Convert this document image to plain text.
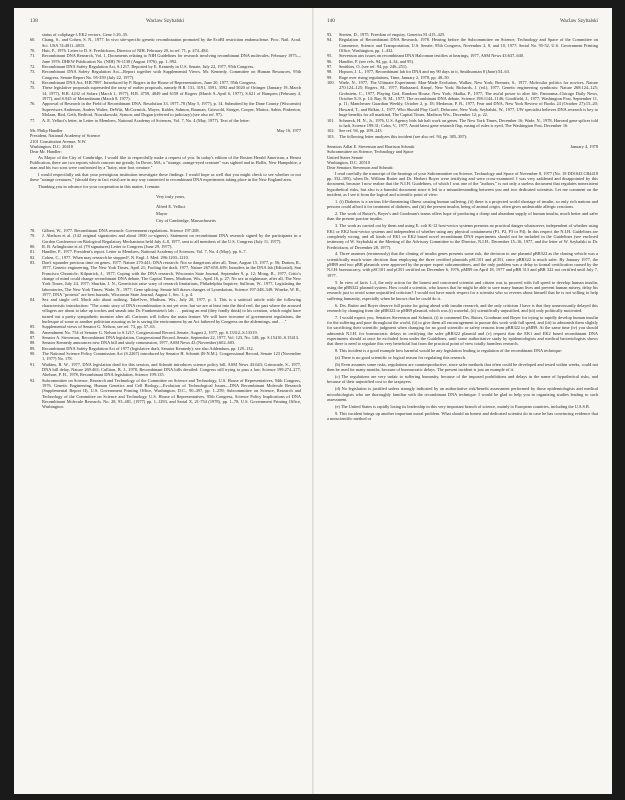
138	Waclaw Szybalski
status of coliphage λ EK2 vectors. Gene 1:29–35.
60.	Chang, S., and Cohen, S. N., 1977. In vivo site-specific genetic recombination promoted by the EcoRI restriction endonuclease. Proc. Natl. Acad. Sci. USA 74:4811–4815.
70.	Hutt, P., 1976. Letter to D. S. Fredrickson, Director of NIH, February 20, in ref. 71, p. 474–484.
71.	Recombinant DNA Research, Vol. 1, Documents relating to NIH Guidelines for research involving recombinant DNA molecules, February 1975—June 1976. DHEW Publication No. (NIH) 76-1138 (August 1976), pp. 1–992.
72.	Recombinant DNA Safety Regulation Act, S.1217. Reported by E. Kennedy in U.S. Senate, July 22, 1977, 95th Congress.
73.	Recombinant DNA Safety Regulation Act—Report together with Supplemental Views. Mr. Kennedy, Committee on Human Resources, 95th Congress, Senate Report No. 95-359 (July 22, 1977).
74.	Recombinant DNA Act, H.R.7897. Introduced by P. Rogers in the House of Representatives, June 20, 1977, 95th Congress.
75.	These legislative proposals superseded the array of earlier proposals, namely H.R. 131, 3191, 3591, 3592 and 5020 of Ortinger (January 19–March 14, 1977), H.R. 4232 of Solarz (March 1, 1977), H.R. 4759, 4849 and 6158 of Rogers (March 9–April 6, 1977), S.621 of Bumpers (February 4, 1977), and S.945 of Metzenbaum (March 8, 1977).
76.	Approval of Research in the Field of Recombinant DNA. Resolution 33, 1977–78 (May 5, 1977), p. 14. Submitted by the Dane County (Wisconsin) Supervisors Anderson, Anders Walter, DeWitt, McCormick, Moyer, Kahler, Salmon, Bauman, Griswold, Storger, Cooper, Mattox, Sabin, Pinkerton, Molzan, Bird, Geth, Redford, Nowakowski, Symon, and Dugan (referred to judiciary) (see also ref. 97).
77.	A. E. Velluci's letter, in Letter to Members, National Academy of Sciences, Vol. 7, No. 4 (May, 1977). Text of the letter:
Mr. Philip Handler	May 16, 1977

President, National Academy of Science

2101 Constitution Avenue, N.W.

Washington, D.C. 20418

Dear Mr. Handler:

As Mayor of the City of Cambridge, I would like to respectfully make a request of you. In today's edition of the Boston Herald American, a Hearst Publication, there are two reports which concern me greatly. In Dover, MA, a "strange, orange-eyed creature" was sighted and in Hollis, New Hampshire, a man and his two sons were confronted by a "hairy, nine foot creature."

I would respectfully ask that your prestigious institution investigate these findings. I would hope as well that you might check to see whether or not these "strange creatures," (should they in fact exist) are in any way connected to recombinant DNA experiments taking place in the New England area.

Thanking you in advance for your cooperation in this matter, I remain

Very truly yours,

Alfred E. Velluci

Mayor

City of Cambridge, Massachusetts

78.	Gilbert, W., 1977. Recombinant DNA research: Government regulations. Science 197:208.
79.	J. Abelson et al. (142 original signatories and about 1000 co-signers). Statement on recombinant DNA research signed by the participants in a Gordon Conference on Biological Regulatory Mechanisms held July 4–8, 1977, sent to all members of the U.S. Congress (July 11, 1977).
80.	R. B. Arlinghouse et al. (79 signatures) Letter to Congress (June 29, 1977).
81.	Handler, P., 1977. President's report. Letter to Members, National Academy of Sciences, Vol. 7, No. 4 (May), pp. 6–7.
82.	Cohen, C., 1977. When may research be stopped?, N. Engl. J. Med. 296:1203–1210.
83.	Don't squander precious time on genes, 1977. Nature 270:441; DNA research: Not so dangerous after all, Time, August 15, 1977, p. 56; Dutton, R., 1977, Genetic engineering, The New York Times, April 21; Fooling the draft, 1977, Nature 267:658–659; Intruders in the DNA lab (Editorial), San Francisco Chronicle; Kilpatrick, J., 1977, Coping with the DNA research, Wisconsin State Journal, September 9, p. 12; Mong, R., 1977, Critic's change of mind could change recombinant DNA debate, The Capital Times, Madison, Wis., April 16, p. 27; No sex in nightmare, after all, The New York Times, July 24, 1977; Shurkin, J. N., Geneticists raise wary of research limitations, Philadelphia Inquirer; Sullivan, W., 1977, Legislating the laboratories, The New York Times; Wade, N., 1977, Gene splicing: Senate bill draws changes of Lysenkoism, Science 197:348–349; Wineke, W. R., 1977, DNA "protests" are best hazards, Wisconsin State Journal, August 1, Sec. 1, p. 4.
84.	Sex and single cell. Much ado about nothing, TakeOver, Madison, Wis., July 20, 1977, p. 3. This is a satirical article with the following characteristic introduction: "The comic story of DNA recombination is not yet over, but we are at least into the third reel, the part where the aroused villagers are about to take up torches and smash into Dr. Frankenstein's lab . . . putting an end (they fondly think) to his creation, which might have turned out a pretty sympathetic monster after all. Cartoons will follow the main feature. We will have twosome of government regulations, the burlesque of some or another politician assuring us he is saving the environment by an Act fathered by Congress on the aldermings, and . . ."
85.	Supplemental views of Senator G. Nelson, see ref. 73, pp. 57–63.
86.	Amendment No. 754 of Senator G. Nelson to S.1217. Congressional Record–Senate, August 2, 1977, pp. S.13312–S.13319.
87.	Senator A. Stevenson, Recombinant DNA legislation, Congressional Record–Senate, September 22, 1977, Vol. 123, No. 148, pp. S.15410–S.15413.
88.	Senator Kennedy announces new DNA bill and study commission, 1977, ASM News 43 (November):602–603.
89.	Recombinant DNA Safety Regulation Act of 1977 (legislative draft, Senator Kennedy); see also Addendum, pp. 129–132.
90.	The National Science Policy Commission Act (S.2267) introduced by Senator H. Schmitt (R-N.M.). Congressional Record, Senate 123 (November 1, 1977) No. 178.
91.	Watkins, R. W., 1977, DNA legislation dead for this session, and Schmitt introduces science policy bill, ASM News 43:643; Grimwade, S., 1977, DNA bill delay, Nature 269:463; Culliton, B. J., 1978, Recombinant DNA bills derailed: Congress still trying to pass a law, Science 199:274–277; Abelson, P. H., 1978, Recombinant DNA legislation, Science 199:135.
92.	Subcommittee on Science, Research and Technology of the Committee on Science and Technology, U.S. House of Representatives, 94th Congress, 1976. Genetic Engineering, Human Genetics and Cell Biology—Evolution of Technological Issues—DNA Recombinant Molecule Research (Supplemental Report II), U.S. Government Printing Office, Washington, D.C., 90–497, pp. 1–259; Subcommittee on Science, Research and Technology of the Committee on Science and Technology, U.S. House of Representatives, 95th Congress, Science Policy Implications of DNA Recombinant Molecule Research, No. 28, 93–481, (1977) pp. 1–1293, and Serial X, 21-754 (1978), pp. 1–78, U.S. Government Printing Office, Washington.
140	Waclaw Szybalski
93.	Sterten, D., 1975. Freedom of enquiry. Genetics 81:415–425.
94.	Regulation of Recombinant DNA Research, 1978. Hearing before the Subcommittee on Science, Technology and Space of the Committee on Commerce, Science and Transportation, U.S. Senate, 95th Congress, November 2, 8, and 10, 1977; Serial No. 95-52, U.S. Government Printing Office, Washington, pp. 1–432.
95.	Stevenson airs issues on recombinant DNA Halcomon testifies at hearings, 1977, ASM News 43:637–640.
96.	Handler, P. (see refs. 94, pp. 4–34, and 95).
97.	Smithies, O. (see ref. 94, pp. 246–251).
98.	Hopson, J. L., 1977, Recombinant lab for DNA and my 90 days in it, Smithsonian 8 (June):54–63.
99.	Rage over rising regulations, Time, January 2, 1978, pp. 48–50.
100.	Wade, N., 1977, The Ultimate Experiment: Man-Made Evolution, Walker, New York; Brenner, S., 1977, Molecular politics for novices, Nature 270:124–125; Rogers, M., 1977, Biohazard, Knopf, New York; Richards, J. (ed.), 1977, Genetic engineering symbiosis: Nature 268:124–125; Grobstein, C., 1977, Playing God, Random House, New York; Skalka, P., 1977, The awful power to alter life, Panorama–Chicago Daily News, October 8–9, p. 14; Ray, R. M., 1977, The recombinant DNA debate, Science 198:1144–1146; Goodfield, J., 1977, Washington Post, September 11, p. 11; Manchester Guardian Weekly, October 2, p. 18; Medawar, P. B., 1977, Fear and DNA, New York Review of Books 24 (October 27):15–20; Howard, T., and Rifkin, J., 1977, Who Should Play God?, Delacorte, New York; Szybalski, W., 1977, UW specialist believes DNA research is key to huge benefits for all mankind, The Capital Times, Madison Wis., December 12, p. 22.
101.	Schmeck, H. N., Jr., 1976, U.S. Agency bids lab halt work on genes. The New York Times, December 16; Wade, N., 1978, Harvard gene splicer told to halt, Science 199:31; Cohn, V., 1977, Amid latest gene research flap, easing of rules is eyed, The Washington Post, December 16.
102.	See ref. 94, pp. 209–243.
103.	The following letter analyzes this incident (see also ref. 94, pp. 385–387):
Senators Adlai E. Stevenson and Harrison Schmitt	January 4, 1978

Subcommittee on Science, Technology and Space

United States Senate

Washington, D.C. 20510

Dear Senators Stevenson and Schmitt:

I read carefully the transcript of the hearings of your Subcommittee on Science, Technology and Space of November 8, 1977 (No. 18 DD1043 CR4418 pp. 332–395), when Dr. William Rutter and Dr. Herbert Boyer were testifying and were cross-examined. I was very saddened and disappointed by this document, because I now realize that the N.I.H. Guidelines, of which I was one of the "authors," is not only a useless document that regulates nonexistent hypothetical risks, but also is a harmful document since it led to a misunderstanding between you and two dedicated scientists. Let me comment on the incident, as I see it from the logical and scientific point of view:

1. (i) Diabetes is a serious life-threatening illness causing human suffering, (ii) there is a projected world shortage of insulin, so only rich nations and persons could afford it for treatment of diabetes, and (iii) the present insulin, being of animal origin, often gives undesirable allergic reactions.

2. The work of Rutter's, Boyer's and Goodman's teams offers hope of producing a cheap and abundant supply of human insulin, much better and safer than the present porcine insulin.

3. The work as carried out by them and using E. coli K-12 host-vector systems presents no practical danger whatsoever, independent of whether using EK1 or EK2 host-vector systems and independent of whether using any physical containment (P1, P2, P3 or P4). In this respect the N.I.H. Guidelines are completely wrong, and all kinds of EK1 or EK2 based novel recombinant DNA experiments should not be included in the Guidelines (see enclosed testimony of W. Szybalski at the Meeting of the Advisory Committee to the Director, N.I.H., December 15–16, 1977, and the letter of W. Szybalski to Dr. Fredrickson, of December 28, 1977).

4. Three assumes (erroneously) that the cloning of insulin genes presents some risk, the decision to use plasmid pBR322 as the cloning vehicle was a scientifically much wiser decision than employing the three certified plasmids pSC101 and pCR1, since pBR322 is much safer. By January 1977, the pMB9 and two pBR plasmids were approved by the proper expert subcommittees, and the only problem was a delay in formal certification caused by the N.I.H. bureaucracy, with pSC101 and pCR1 certified on December 6, 1976, pMB9 on April 18, 1977 and pBR 313 and pBR 322 not certified until July 7, 1977.

5. In view of facts 1–4, the only action for the honest and concerned scientist and citizen was to proceed with full speed to develop human insulin, using the pBR322 plasmid system. How could a scientist, who knows that he might be able to save many human lives and prevent human misery, delay his research just to avoid some unjustified criticism? I would not have much respect for a scientist who so reveres about himself that he is not willing to help suffering humanity, especially when he knows that he could do it.

6. Drs. Rutter and Boyer deserve full praise for going ahead with insulin research, and the only criticism I have is that they unnecessarily delayed this research by changing from the pBR322 to pMB9 plasmid, which was (i) wasteful, (ii) scientifically unjustified, and (iii) only politically motivated.

7. I would expect you, Senators Stevenson and Schmitt, (i) to commend Drs. Rutter, Goodman and Boyer for trying to rapidly develop human insulin for the suffering and poor throughout the world, (ii) to give them all encouragement to pursue this work with full speed, and (iii) to admonish them slightly for sacrificing their scientific judgment when changing for no good scientific or safety reasons from pBR322 to pMB9. At the same time (iv) you should admonish N.I.H. for bureaucratic delays in certifying the safer pBR322 plasmid and (v) request that the EK1 and EK2 based recombinant DNA experiments should at once be excluded from under the Guidelines, until some authoritative study by epidemiologists and medical bacteriologists shows that there is need to regulate this very beneficial but from the practical point of view totally harmless research.

8. This incident is a good example how harmful would be any legislation leading to regulation of the recombinant DNA technique:

(a) There is no good scientific or logical reason for regulating this research.

(b) Even assumes some risks, regulations are counterproductive, since safer methods that often could be developed and tested within weeks, could not then be used for many months, because of bureaucratic delays. The present incident is just an example of it.

(c) The regulations are very unfair to suffering humanity, because of the imposed prohibitions and delays in the name of hypothetical risks, and because of their unjustified cost to the taxpayers.

(d) No legislation is justified unless strongly indicated by an authoritative risk/benefit assessment performed by those epidemiologists and medical microbiologists who are thoroughly familiar with the recombinant DNA technique. I would be glad to help you in organizing studies leading to such assessment.

(e) The United States is rapidly losing its leadership in this very important branch of science, mainly to European countries, including the U.S.S.R.

9. This incident brings up another important moral problem. What should an honest and dedicated scientist do in case he has convincing evidence that a nonscientific method or
